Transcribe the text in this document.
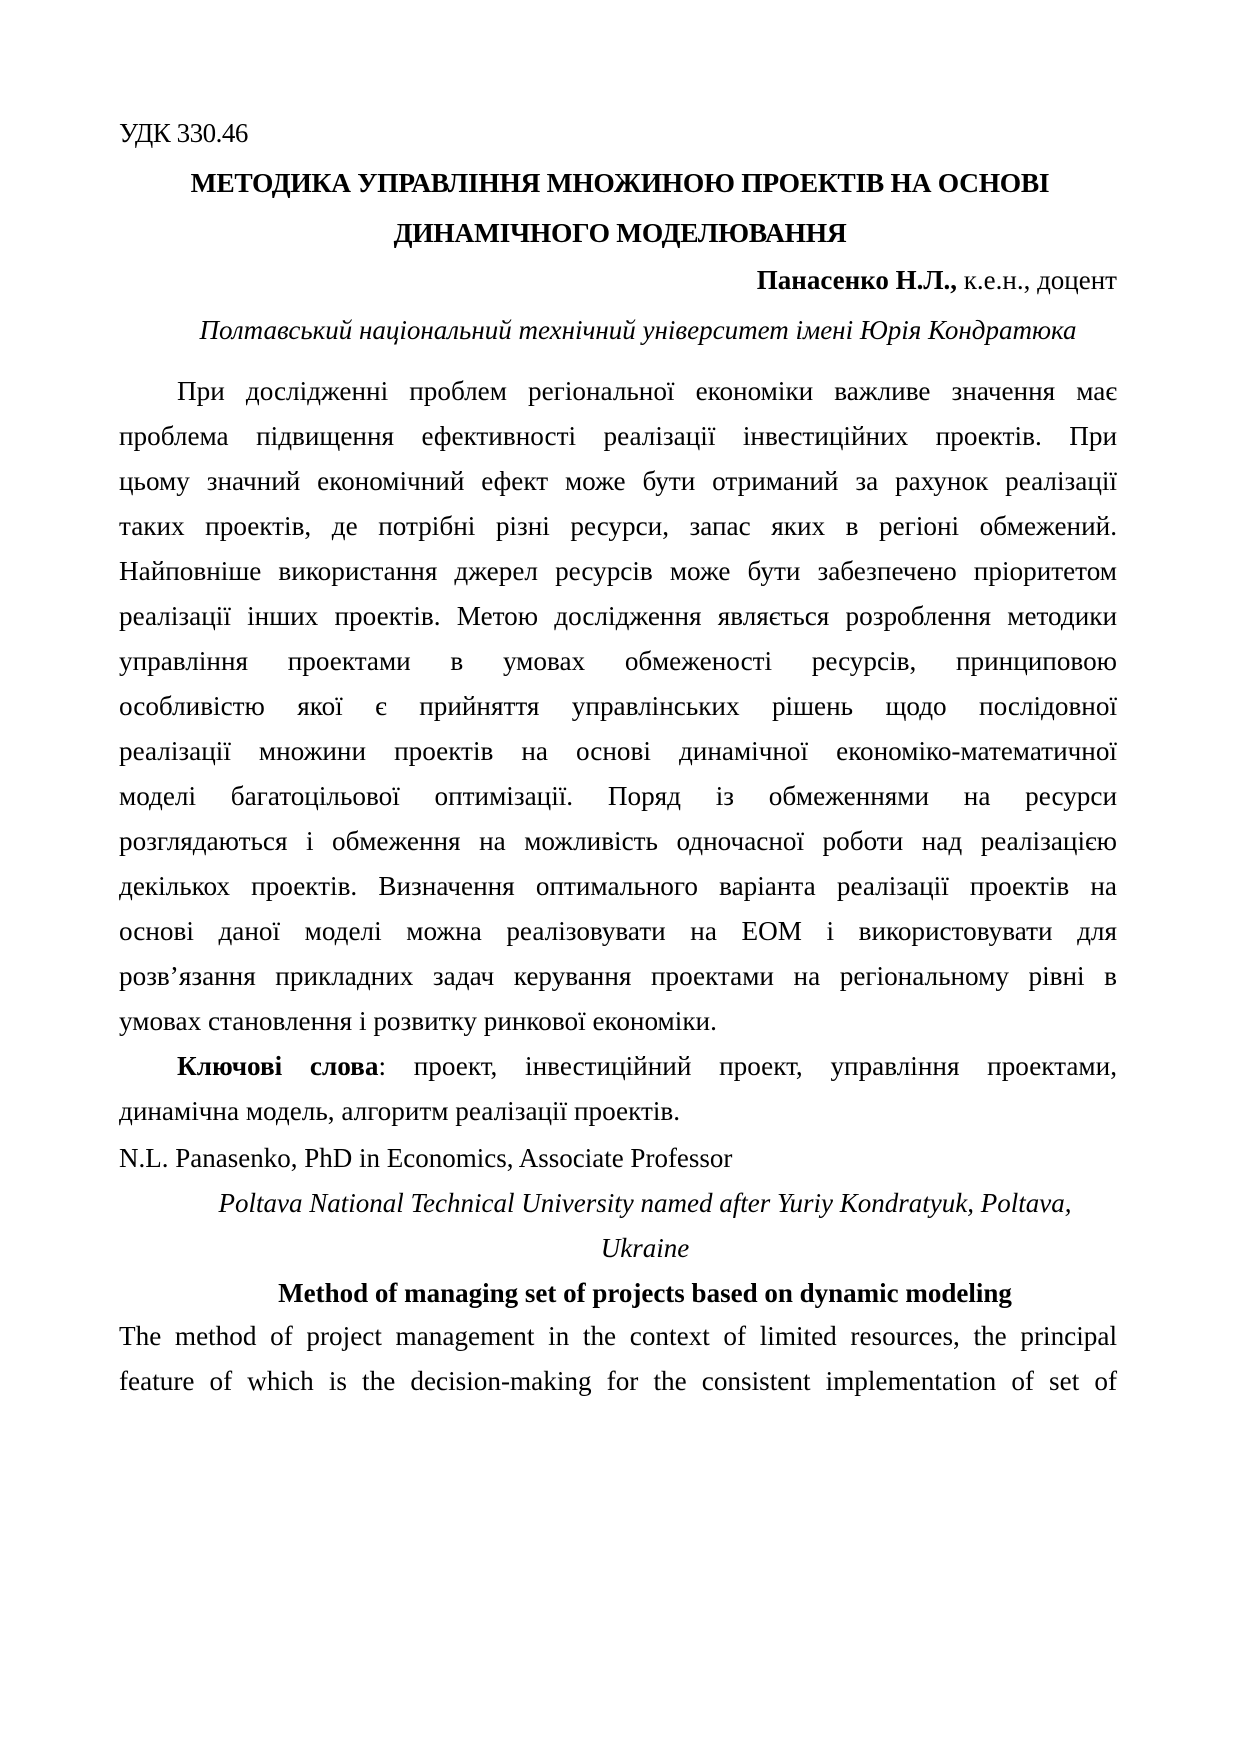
УДК 330.46
МЕТОДИКА УПРАВЛІННЯ МНОЖИНОЮ ПРОЕКТІВ НА ОСНОВІ
ДИНАМІЧНОГО МОДЕЛЮВАННЯ
Панасенко Н.Л., к.е.н., доцент
Полтавський національний технічний університет імені Юрія Кондратюка
При дослідженні проблем регіональної економіки важливе значення має
проблема підвищення ефективності реалізації інвестиційних проектів. При
цьому значний економічний ефект може бути отриманий за рахунок реалізації
таких проектів, де потрібні різні ресурси, запас яких в регіоні обмежений.
Найповніше використання джерел ресурсів може бути забезпечено пріоритетом
реалізації інших проектів. Метою дослідження являється розроблення методики
управління проектами в умовах обмеженості ресурсів, принциповою
особливістю якої є прийняття управлінських рішень щодо послідовної
реалізації множини проектів на основі динамічної економіко-математичної
моделі багатоцільової оптимізації. Поряд із обмеженнями на ресурси
розглядаються і обмеження на можливість одночасної роботи над реалізацією
декількох проектів. Визначення оптимального варіанта реалізації проектів на
основі даної моделі можна реалізовувати на ЕОМ і використовувати для
розв’язання прикладних задач керування проектами на регіональному рівні в
умовах становлення і розвитку ринкової економіки.
Ключові слова: проект, інвестиційний проект, управління проектами,
динамічна модель, алгоритм реалізації проектів.
N.L. Panasenko, PhD in Economics, Associate Professor
Poltava National Technical University named after Yuriy Kondratyuk, Poltava,
Ukraine
Method of managing set of projects based on dynamic modeling
The method of project management in the context of limited resources, the principal
feature of which is the decision-making for the consistent implementation of set of
